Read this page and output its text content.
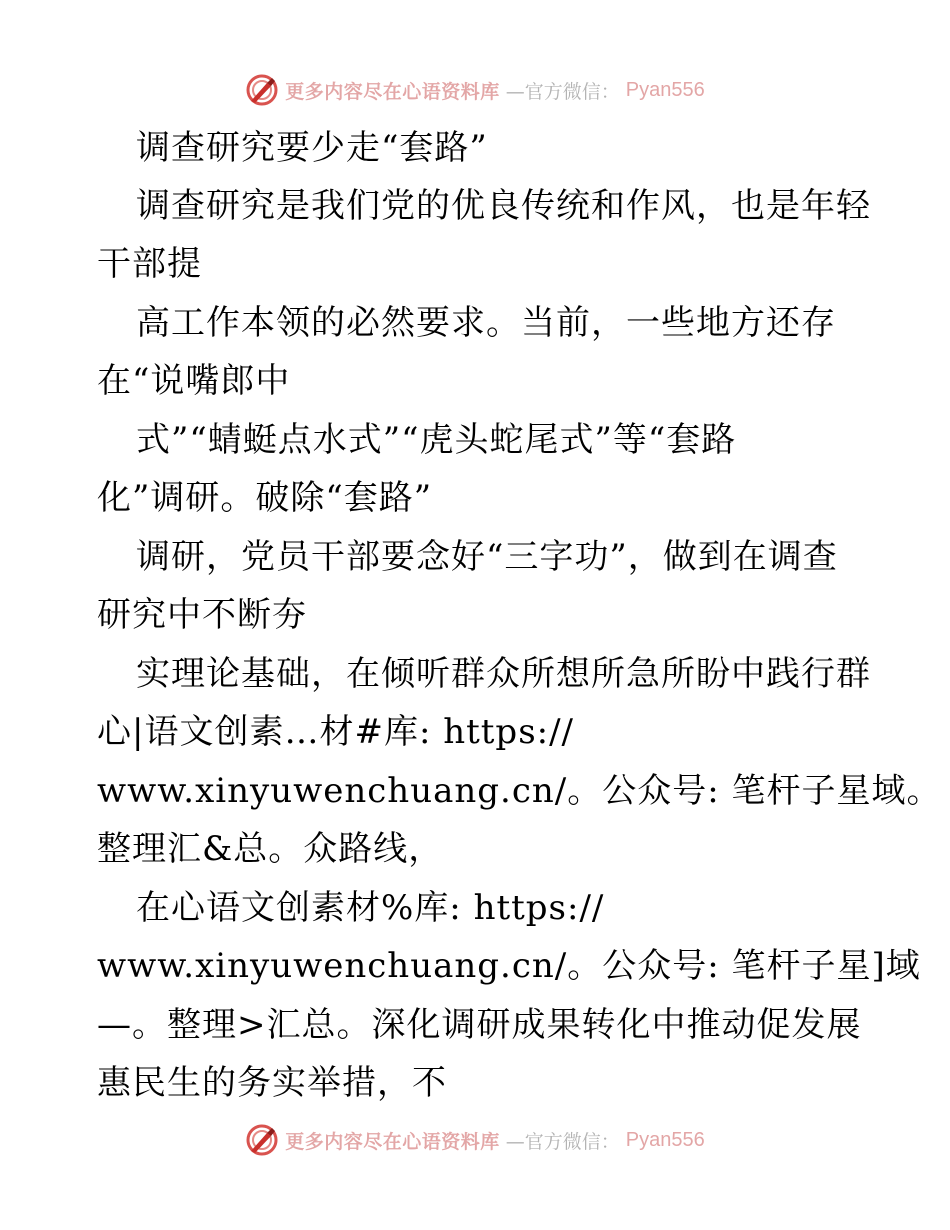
更多内容尽在心语资料库 —官方微信： Pyan556
调查研究要少走“套路”
调查研究是我们党的优良传统和作风，也是年轻
干部提
高工作本领的必然要求。当前，一些地方还存
在“说嘴郎中
式”“蜻蜓点水式”“虎头蛇尾式”等“套路
化”调研。破除“套路”
调研，党员干部要念好“三字功”，做到在调查
研究中不断夯
实理论基础，在倾听群众所想所急所盼中践行群
心|语文创素…材#库: https://
www.xinyuwenchuang.cn/。公众号: 笔杆子星域。
整理汇&总。众路线，
在心语文创素材%库: https://
www.xinyuwenchuang.cn/。公众号: 笔杆子星]域
—。整理>汇总。深化调研成果转化中推动促发展
惠民生的务实举措，不
更多内容尽在心语资料库 —官方微信： Pyan556
